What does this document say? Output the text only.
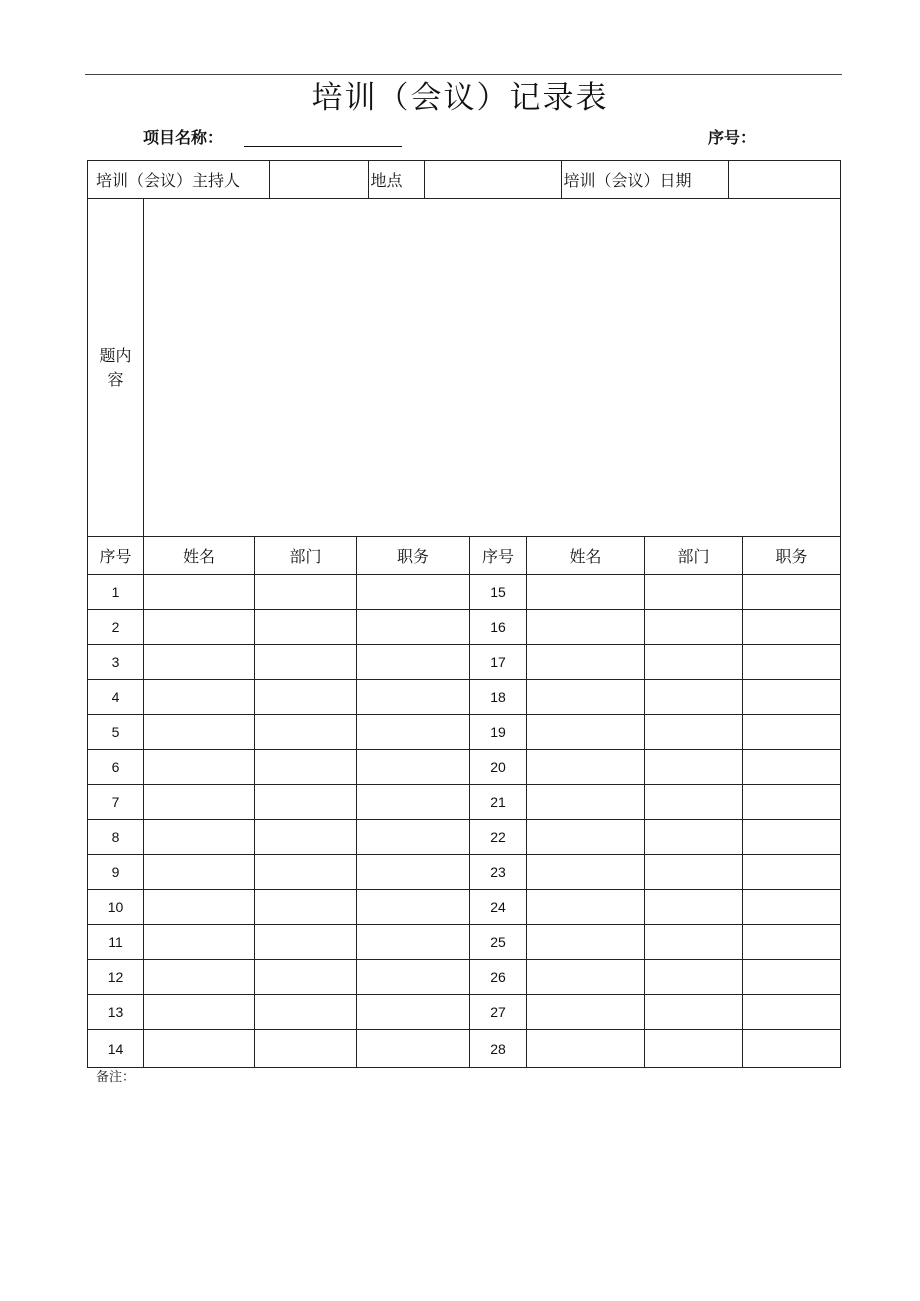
培训（会议）记录表
项目名称：	序号：
培训（会议）主持人		地点		培训（会议）日期	

题内
容

序号	姓名	部门	职务	序号	姓名	部门	职务
1				15			
2				16			
3				17			
4				18			
5				19			
6				20			
7				21			
8				22			
9				23			
10				24			
11				25			
12				26			
13				27			
14				28			
备注：
